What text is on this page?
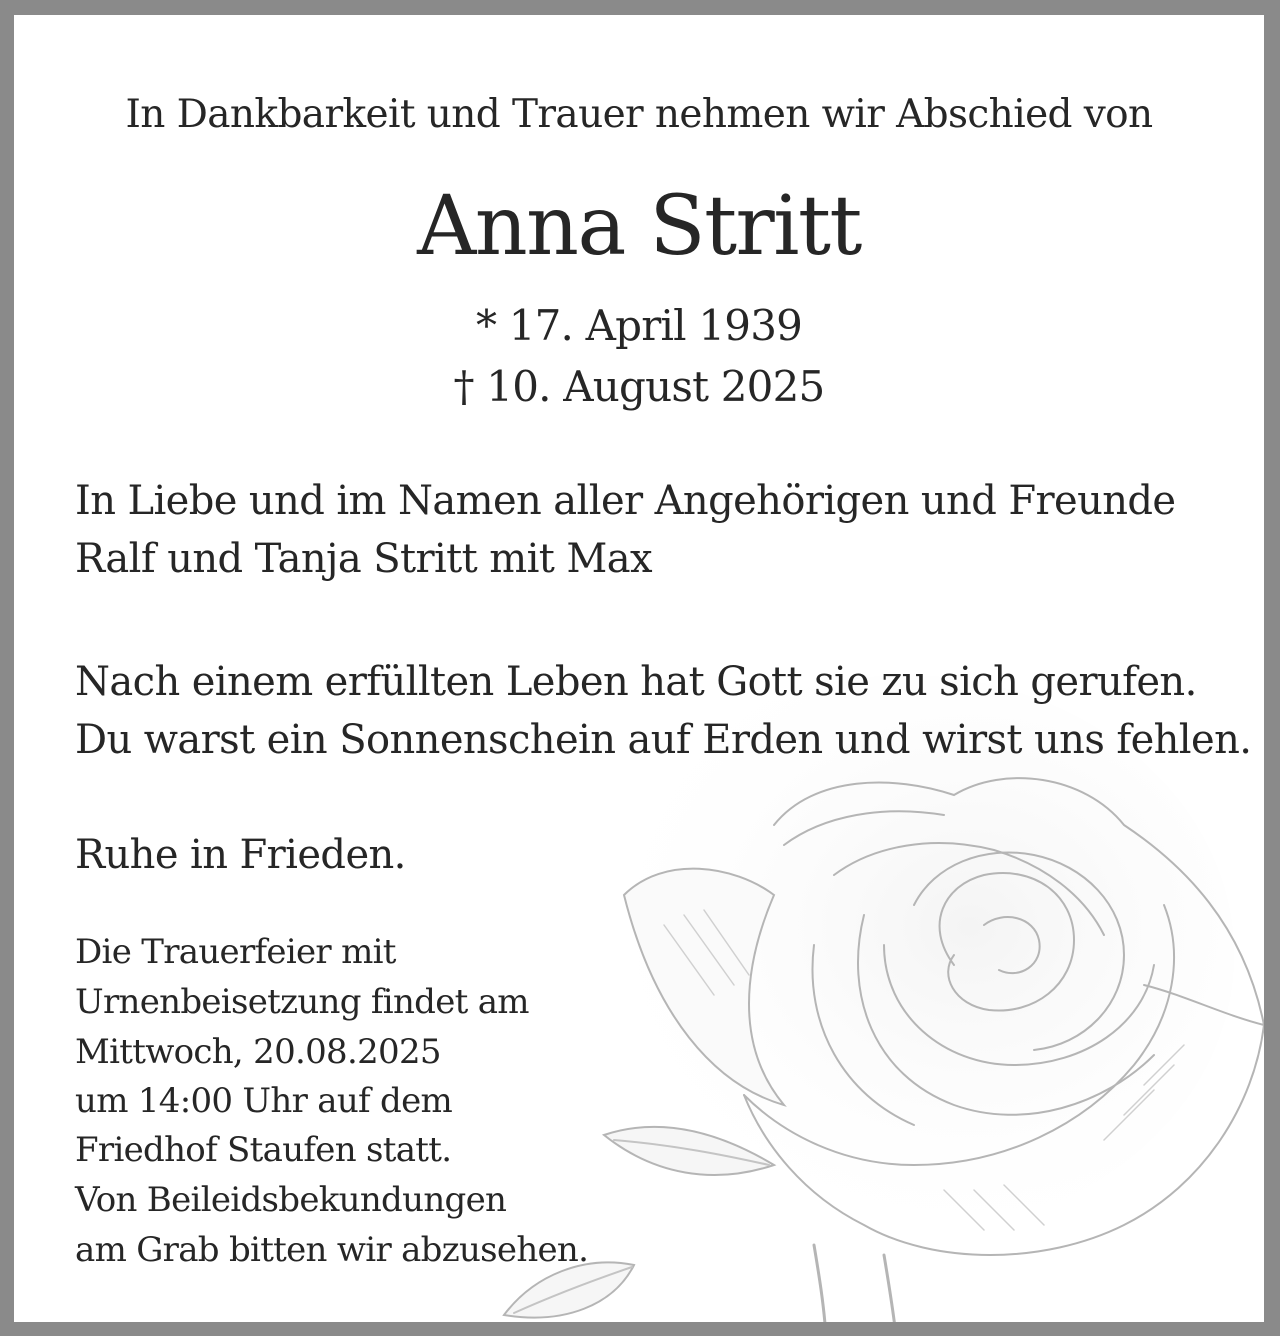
In Dankbarkeit und Trauer nehmen wir Abschied von
Anna Stritt
* 17. April 1939
† 10. August 2025
In Liebe und im Namen aller Angehörigen und Freunde
Ralf und Tanja Stritt mit Max
Nach einem erfüllten Leben hat Gott sie zu sich gerufen.
Du warst ein Sonnenschein auf Erden und wirst uns fehlen.
Ruhe in Frieden.
Die Trauerfeier mit
Urnenbeisetzung findet am
Mittwoch, 20.08.2025
um 14:00 Uhr auf dem
Friedhof Staufen statt.
Von Beileidsbekundungen
am Grab bitten wir abzusehen.
